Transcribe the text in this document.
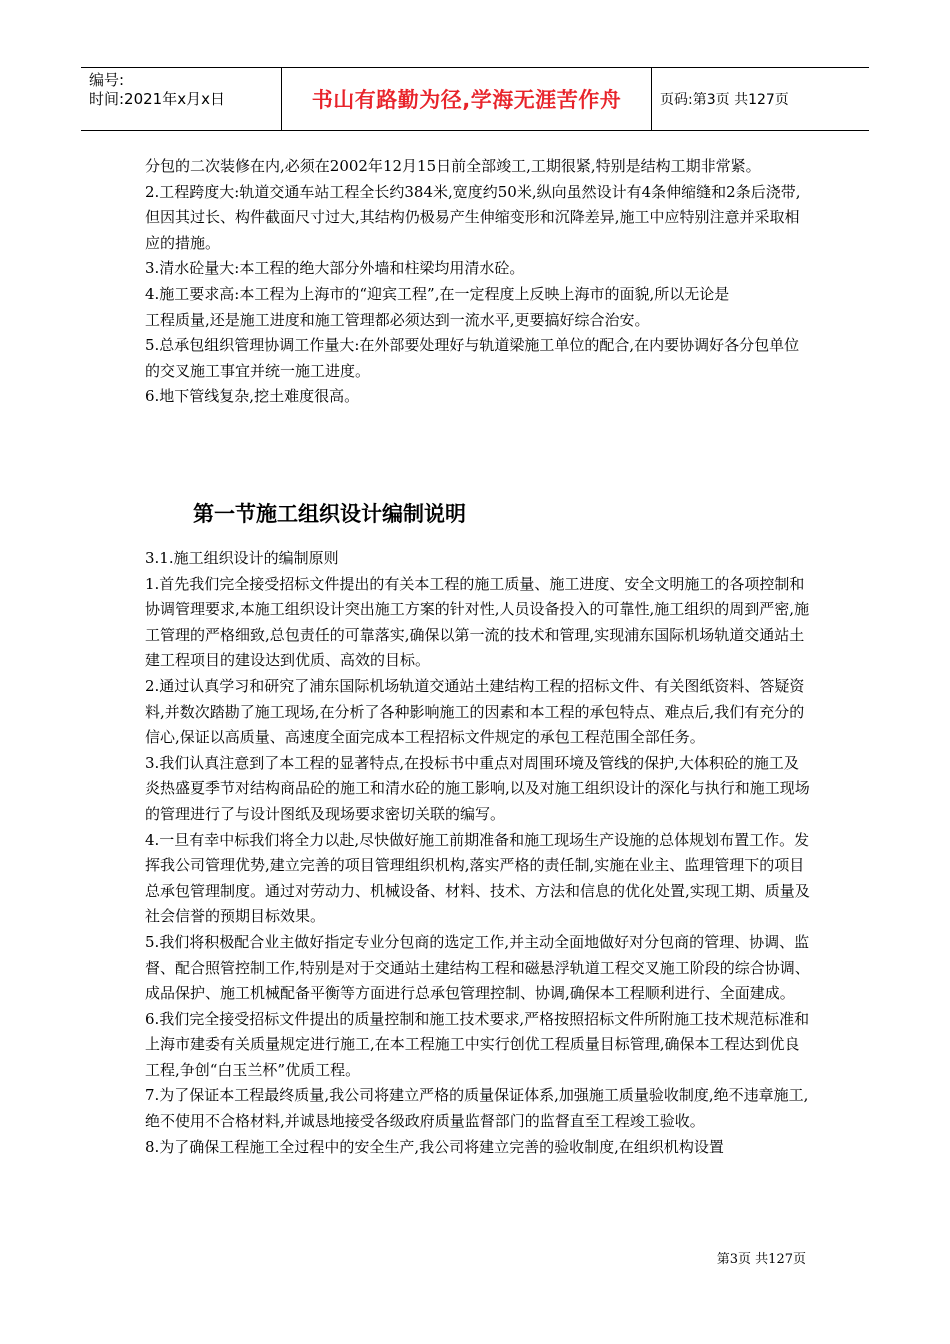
编号:
时间:2021年x月x日	书山有路勤为径,学海无涯苦作舟	页码:第3页 共127页

分包的二次装修在内,必须在2002年12月15日前全部竣工,工期很紧,特别是结构工期非常紧。

2.工程跨度大:轨道交通车站工程全长约384米,宽度约50米,纵向虽然设计有4条伸缩缝和2条后浇带,但因其过长、构件截面尺寸过大,其结构仍极易产生伸缩变形和沉降差异,施工中应特别注意并采取相应的措施。

3.清水砼量大:本工程的绝大部分外墙和柱梁均用清水砼。

4.施工要求高:本工程为上海市的“迎宾工程”,在一定程度上反映上海市的面貌,所以无论是

工程质量,还是施工进度和施工管理都必须达到一流水平,更要搞好综合治安。

5.总承包组织管理协调工作量大:在外部要处理好与轨道梁施工单位的配合,在内要协调好各分包单位的交叉施工事宜并统一施工进度。

6.地下管线复杂,挖土难度很高。

第一节施工组织设计编制说明

3.1.施工组织设计的编制原则

1.首先我们完全接受招标文件提出的有关本工程的施工质量、施工进度、安全文明施工的各项控制和协调管理要求,本施工组织设计突出施工方案的针对性,人员设备投入的可靠性,施工组织的周到严密,施工管理的严格细致,总包责任的可靠落实,确保以第一流的技术和管理,实现浦东国际机场轨道交通站土建工程项目的建设达到优质、高效的目标。

2.通过认真学习和研究了浦东国际机场轨道交通站土建结构工程的招标文件、有关图纸资料、答疑资料,并数次踏勘了施工现场,在分析了各种影响施工的因素和本工程的承包特点、难点后,我们有充分的信心,保证以高质量、高速度全面完成本工程招标文件规定的承包工程范围全部任务。

3.我们认真注意到了本工程的显著特点,在投标书中重点对周围环境及管线的保护,大体积砼的施工及炎热盛夏季节对结构商品砼的施工和清水砼的施工影响,以及对施工组织设计的深化与执行和施工现场的管理进行了与设计图纸及现场要求密切关联的编写。

4.一旦有幸中标我们将全力以赴,尽快做好施工前期准备和施工现场生产设施的总体规划布置工作。发挥我公司管理优势,建立完善的项目管理组织机构,落实严格的责任制,实施在业主、监理管理下的项目总承包管理制度。通过对劳动力、机械设备、材料、技术、方法和信息的优化处置,实现工期、质量及社会信誉的预期目标效果。

5.我们将积极配合业主做好指定专业分包商的选定工作,并主动全面地做好对分包商的管理、协调、监督、配合照管控制工作,特别是对于交通站土建结构工程和磁悬浮轨道工程交叉施工阶段的综合协调、成品保护、施工机械配备平衡等方面进行总承包管理控制、协调,确保本工程顺利进行、全面建成。

6.我们完全接受招标文件提出的质量控制和施工技术要求,严格按照招标文件所附施工技术规范标准和上海市建委有关质量规定进行施工,在本工程施工中实行创优工程质量目标管理,确保本工程达到优良工程,争创“白玉兰杯”优质工程。

7.为了保证本工程最终质量,我公司将建立严格的质量保证体系,加强施工质量验收制度,绝不违章施工,绝不使用不合格材料,并诚恳地接受各级政府质量监督部门的监督直至工程竣工验收。

8.为了确保工程施工全过程中的安全生产,我公司将建立完善的验收制度,在组织机构设置

第3页 共127页
